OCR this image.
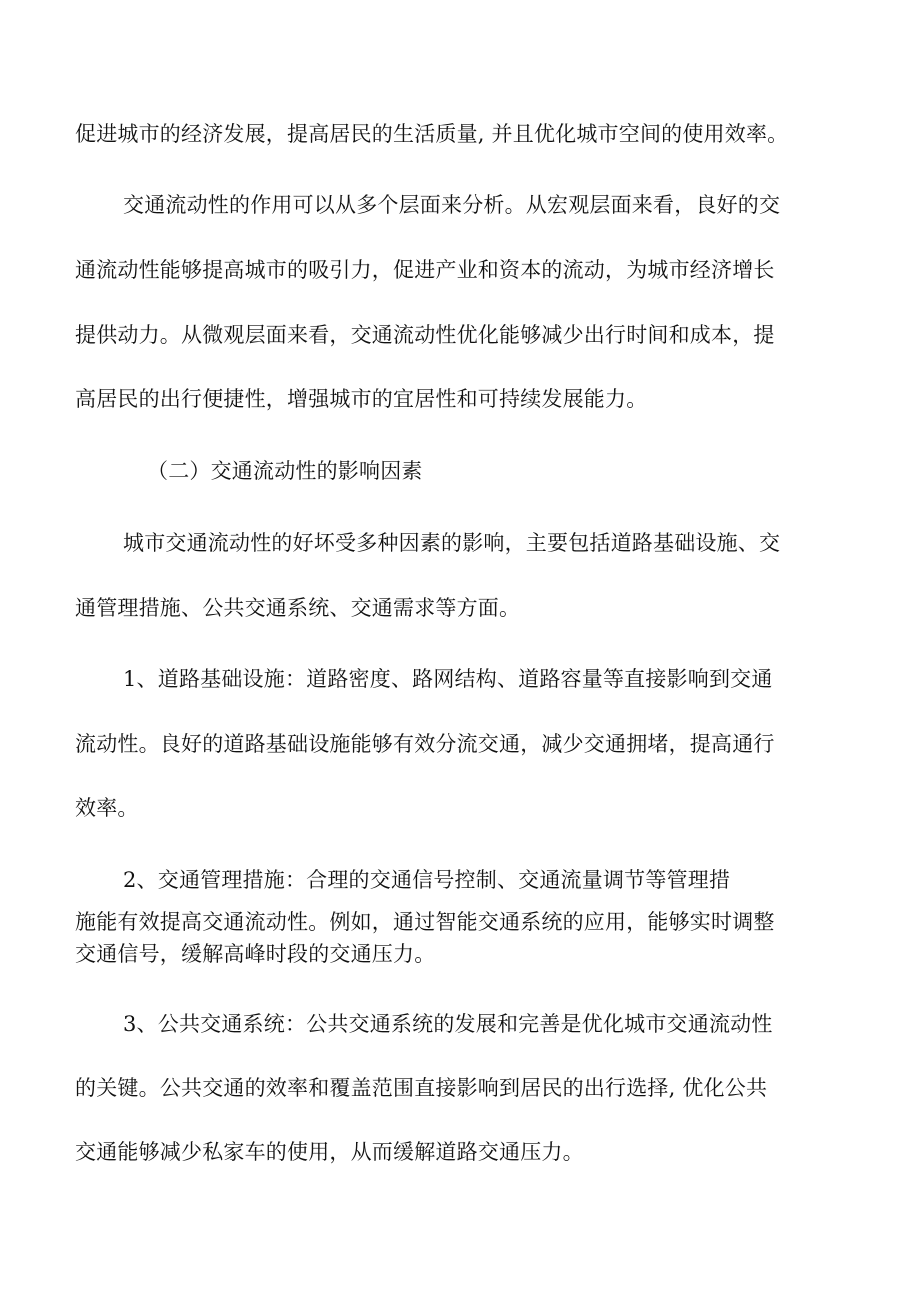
促进城市的经济发展，提高居民的生活质量, 并且优化城市空间的使用效率。
交通流动性的作用可以从多个层面来分析。从宏观层面来看，良好的交
通流动性能够提高城市的吸引力，促进产业和资本的流动，为城市经济增长
提供动力。从微观层面来看，交通流动性优化能够减少出行时间和成本，提
高居民的出行便捷性，增强城市的宜居性和可持续发展能力。
（二）交通流动性的影响因素
城市交通流动性的好坏受多种因素的影响，主要包括道路基础设施、交
通管理措施、公共交通系统、交通需求等方面。
1、道路基础设施：道路密度、路网结构、道路容量等直接影响到交通
流动性。良好的道路基础设施能够有效分流交通，减少交通拥堵，提高通行
效率。
2、交通管理措施：合理的交通信号控制、交通流量调节等管理措
施能有效提高交通流动性。例如，通过智能交通系统的应用，能够实时调整
交通信号，缓解高峰时段的交通压力。
3、公共交通系统：公共交通系统的发展和完善是优化城市交通流动性
的关键。公共交通的效率和覆盖范围直接影响到居民的出行选择, 优化公共
交通能够减少私家车的使用，从而缓解道路交通压力。
